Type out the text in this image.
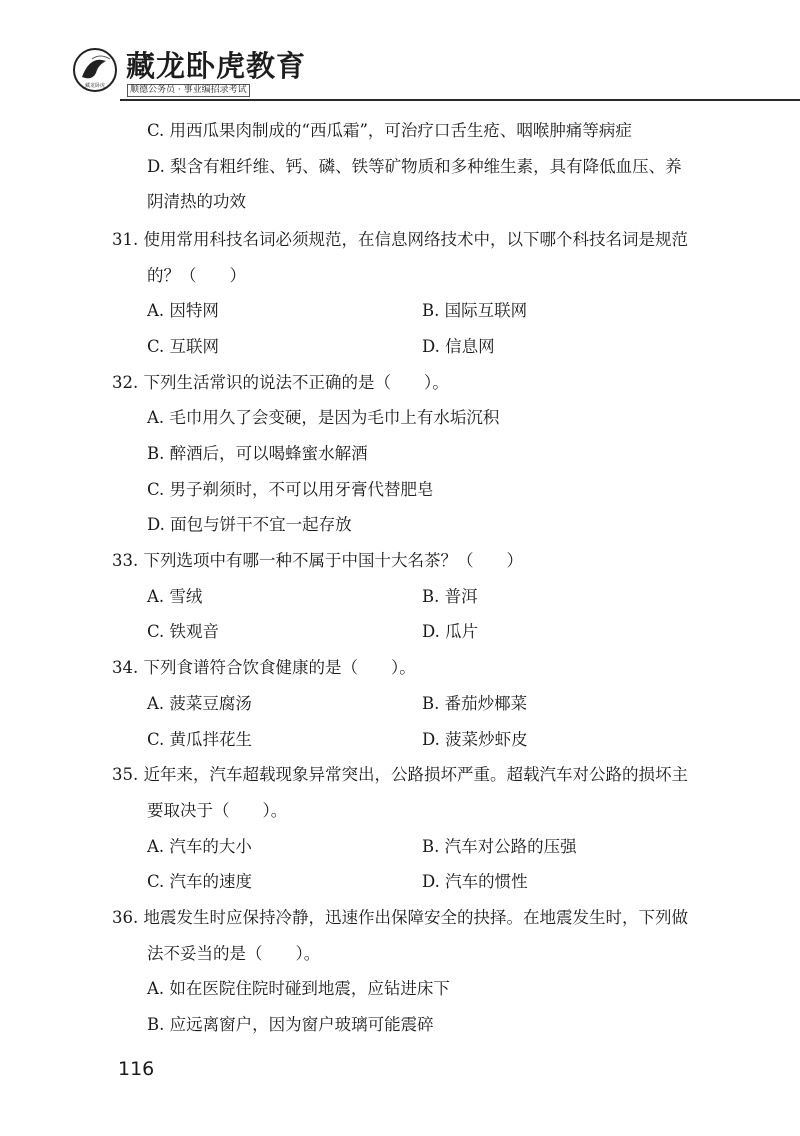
藏龙卧虎
藏龙卧虎教育
顺德公务员 · 事业编招录考试
C. 用西瓜果肉制成的“西瓜霜”，可治疗口舌生疮、咽喉肿痛等病症
D. 梨含有粗纤维、钙、磷、铁等矿物质和多种维生素，具有降低血压、养
阴清热的功效
31. 使用常用科技名词必须规范，在信息网络技术中，以下哪个科技名词是规范
的？（　　）
A. 因特网	B. 国际互联网
C. 互联网	D. 信息网
32. 下列生活常识的说法不正确的是（　　）。
A. 毛巾用久了会变硬，是因为毛巾上有水垢沉积
B. 醉酒后，可以喝蜂蜜水解酒
C. 男子剃须时，不可以用牙膏代替肥皂
D. 面包与饼干不宜一起存放
33. 下列选项中有哪一种不属于中国十大名茶？（　　）
A. 雪绒	B. 普洱
C. 铁观音	D. 瓜片
34. 下列食谱符合饮食健康的是（　　）。
A. 菠菜豆腐汤	B. 番茄炒椰菜
C. 黄瓜拌花生	D. 菠菜炒虾皮
35. 近年来，汽车超载现象异常突出，公路损坏严重。超载汽车对公路的损坏主
要取决于（　　）。
A. 汽车的大小	B. 汽车对公路的压强
C. 汽车的速度	D. 汽车的惯性
36. 地震发生时应保持冷静，迅速作出保障安全的抉择。在地震发生时，下列做
法不妥当的是（　　）。
A. 如在医院住院时碰到地震，应钻进床下
B. 应远离窗户，因为窗户玻璃可能震碎
116
